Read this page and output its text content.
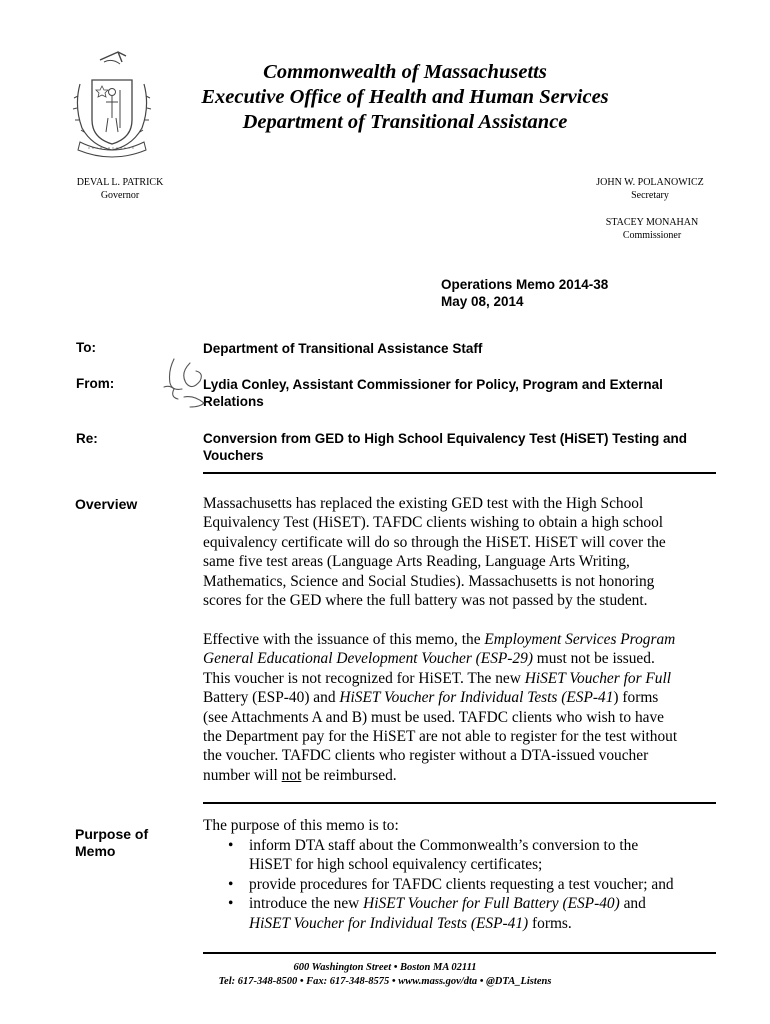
Commonwealth of Massachusetts
Executive Office of Health and Human Services
Department of Transitional Assistance
DEVAL L. PATRICK
Governor
JOHN W. POLANOWICZ
Secretary
STACEY MONAHAN
Commissioner
Operations Memo 2014-38
May 08, 2014
To:	Department of Transitional Assistance Staff
From:	Lydia Conley, Assistant Commissioner for Policy, Program and External Relations
Re:	Conversion from GED to High School Equivalency Test (HiSET) Testing and Vouchers
Overview	Massachusetts has replaced the existing GED test with the High School
Equivalency Test (HiSET). TAFDC clients wishing to obtain a high school
equivalency certificate will do so through the HiSET. HiSET will cover the
same five test areas (Language Arts Reading, Language Arts Writing,
Mathematics, Science and Social Studies). Massachusetts is not honoring
scores for the GED where the full battery was not passed by the student.
Effective with the issuance of this memo, the Employment Services Program
General Educational Development Voucher (ESP-29) must not be issued.
This voucher is not recognized for HiSET. The new HiSET Voucher for Full
Battery (ESP-40) and HiSET Voucher for Individual Tests (ESP-41) forms
(see Attachments A and B) must be used. TAFDC clients who wish to have
the Department pay for the HiSET are not able to register for the test without
the voucher. TAFDC clients who register without a DTA-issued voucher
number will not be reimbursed.
Purpose of
Memo
The purpose of this memo is to:
• inform DTA staff about the Commonwealth’s conversion to the
HiSET for high school equivalency certificates;
• provide procedures for TAFDC clients requesting a test voucher; and
• introduce the new HiSET Voucher for Full Battery (ESP-40) and
HiSET Voucher for Individual Tests (ESP-41) forms.
600 Washington Street • Boston MA 02111
Tel: 617-348-8500 • Fax: 617-348-8575 • www.mass.gov/dta • @DTA_Listens
